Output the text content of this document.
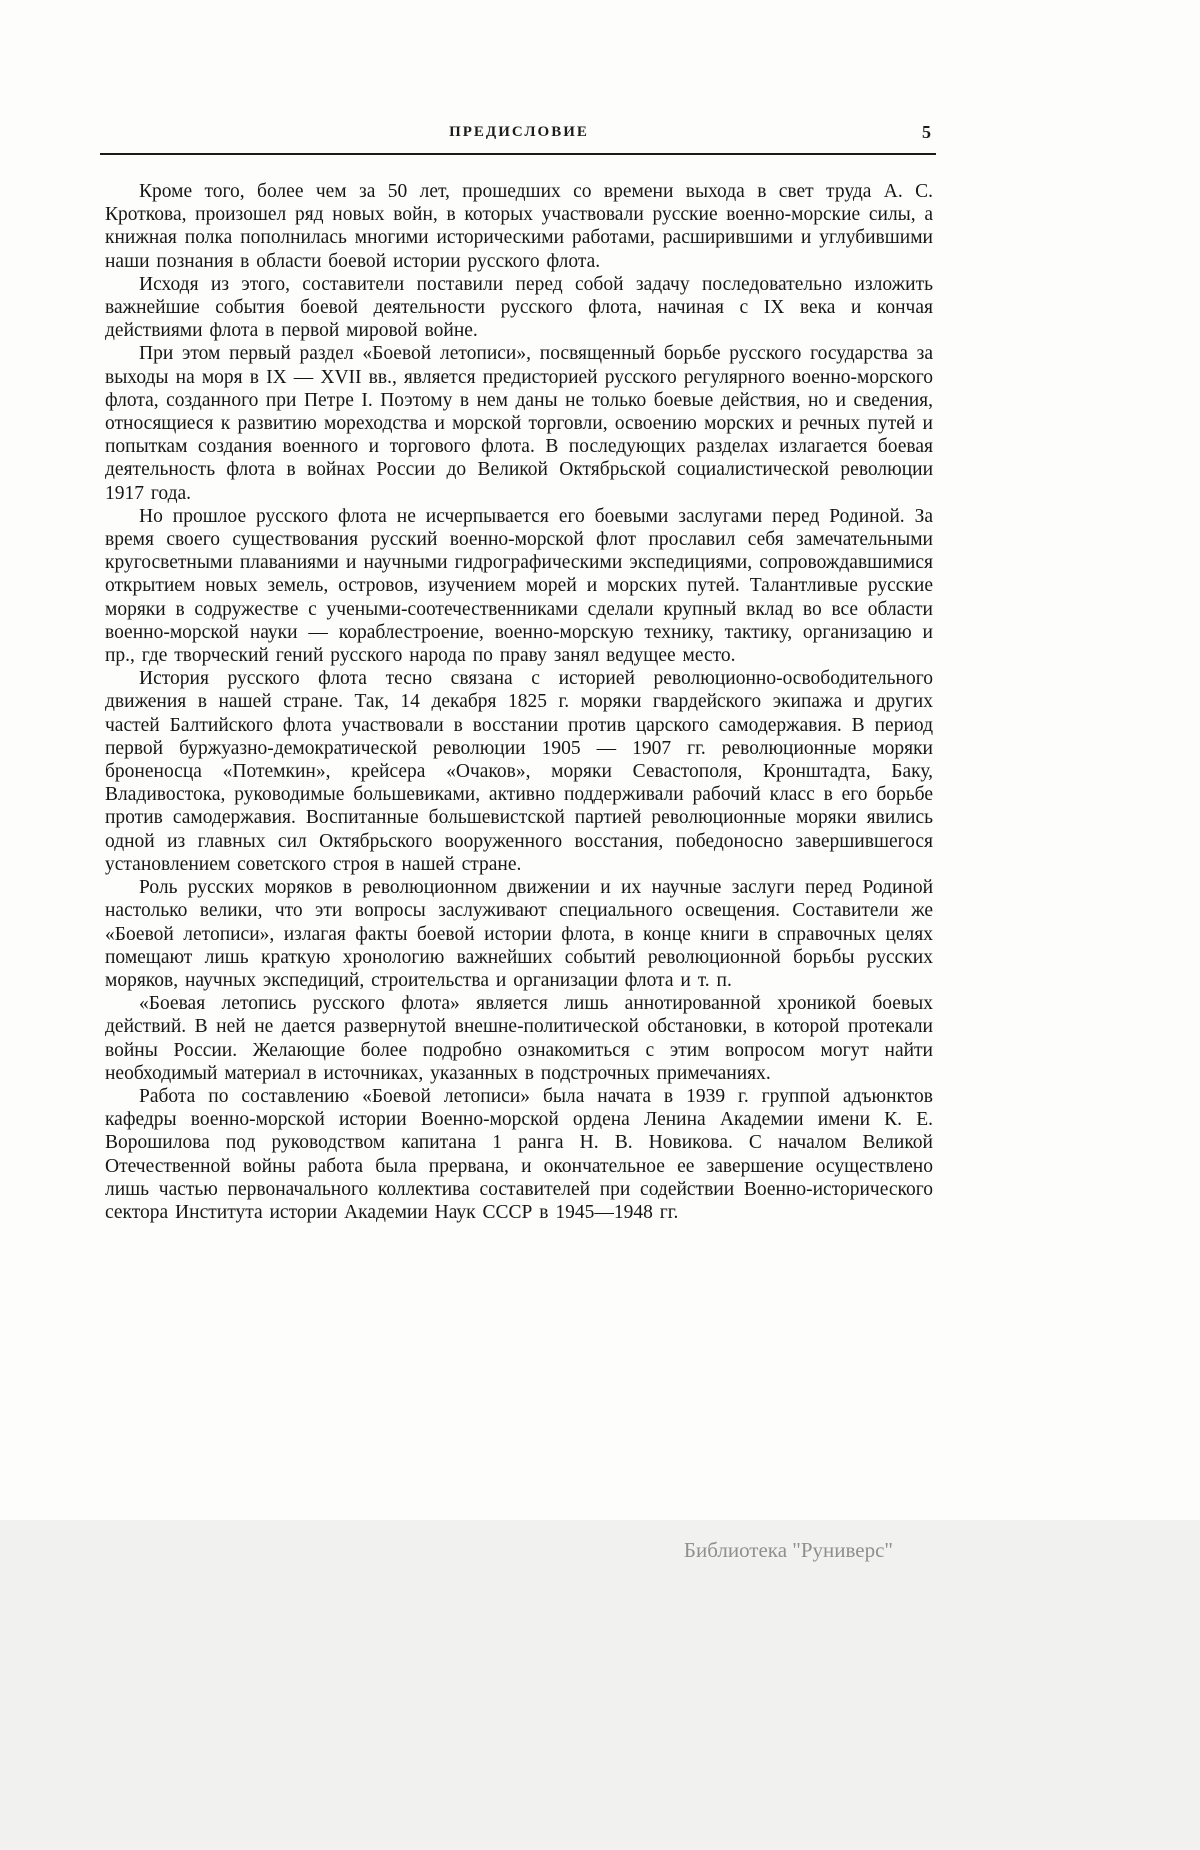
ПРЕДИСЛОВИЕ	5

Кроме того, более чем за 50 лет, прошедших со времени выхода в свет труда А. С. Кроткова, произошел ряд новых войн, в которых участвовали русские военно-морские силы, а книжная полка пополнилась многими историческими работами, расширившими и углубившими наши познания в области боевой истории русского флота.

Исходя из этого, составители поставили перед собой задачу последовательно изложить важнейшие события боевой деятельности русского флота, начиная с IX века и кончая действиями флота в первой мировой войне.

При этом первый раздел «Боевой летописи», посвященный борьбе русского государства за выходы на моря в IX — XVII вв., является предисторией русского регулярного военно-морского флота, созданного при Петре I. Поэтому в нем даны не только боевые действия, но и сведения, относящиеся к развитию мореходства и морской торговли, освоению морских и речных путей и попыткам создания военного и торгового флота. В последующих разделах излагается боевая деятельность флота в войнах России до Великой Октябрьской социалистической революции 1917 года.

Но прошлое русского флота не исчерпывается его боевыми заслугами перед Родиной. За время своего существования русский военно-морской флот прославил себя замечательными кругосветными плаваниями и научными гидрографическими экспедициями, сопровождавшимися открытием новых земель, островов, изучением морей и морских путей. Талантливые русские моряки в содружестве с учеными-соотечественниками сделали крупный вклад во все области военно-морской науки — кораблестроение, военно-морскую технику, тактику, организацию и пр., где творческий гений русского народа по праву занял ведущее место.

История русского флота тесно связана с историей революционно-освободительного движения в нашей стране. Так, 14 декабря 1825 г. моряки гвардейского экипажа и других частей Балтийского флота участвовали в восстании против царского самодержавия. В период первой буржуазно-демократической революции 1905 — 1907 гг. революционные моряки броненосца «Потемкин», крейсера «Очаков», моряки Севастополя, Кронштадта, Баку, Владивостока, руководимые большевиками, активно поддерживали рабочий класс в его борьбе против самодержавия. Воспитанные большевистской партией революционные моряки явились одной из главных сил Октябрьского вооруженного восстания, победоносно завершившегося установлением советского строя в нашей стране.

Роль русских моряков в революционном движении и их научные заслуги перед Родиной настолько велики, что эти вопросы заслуживают специального освещения. Составители же «Боевой летописи», излагая факты боевой истории флота, в конце книги в справочных целях помещают лишь краткую хронологию важнейших событий революционной борьбы русских моряков, научных экспедиций, строительства и организации флота и т. п.

«Боевая летопись русского флота» является лишь аннотированной хроникой боевых действий. В ней не дается развернутой внешне-политической обстановки, в которой протекали войны России. Желающие более подробно ознакомиться с этим вопросом могут найти необходимый материал в источниках, указанных в подстрочных примечаниях.

Работа по составлению «Боевой летописи» была начата в 1939 г. группой адъюнктов кафедры военно-морской истории Военно-морской ордена Ленина Академии имени К. Е. Ворошилова под руководством капитана 1 ранга Н. В. Новикова. С началом Великой Отечественной войны работа была прервана, и окончательное ее завершение осуществлено лишь частью первоначального коллектива составителей при содействии Военно-исторического сектора Института истории Академии Наук СССР в 1945—1948 гг.

Библиотека "Руниверс"
